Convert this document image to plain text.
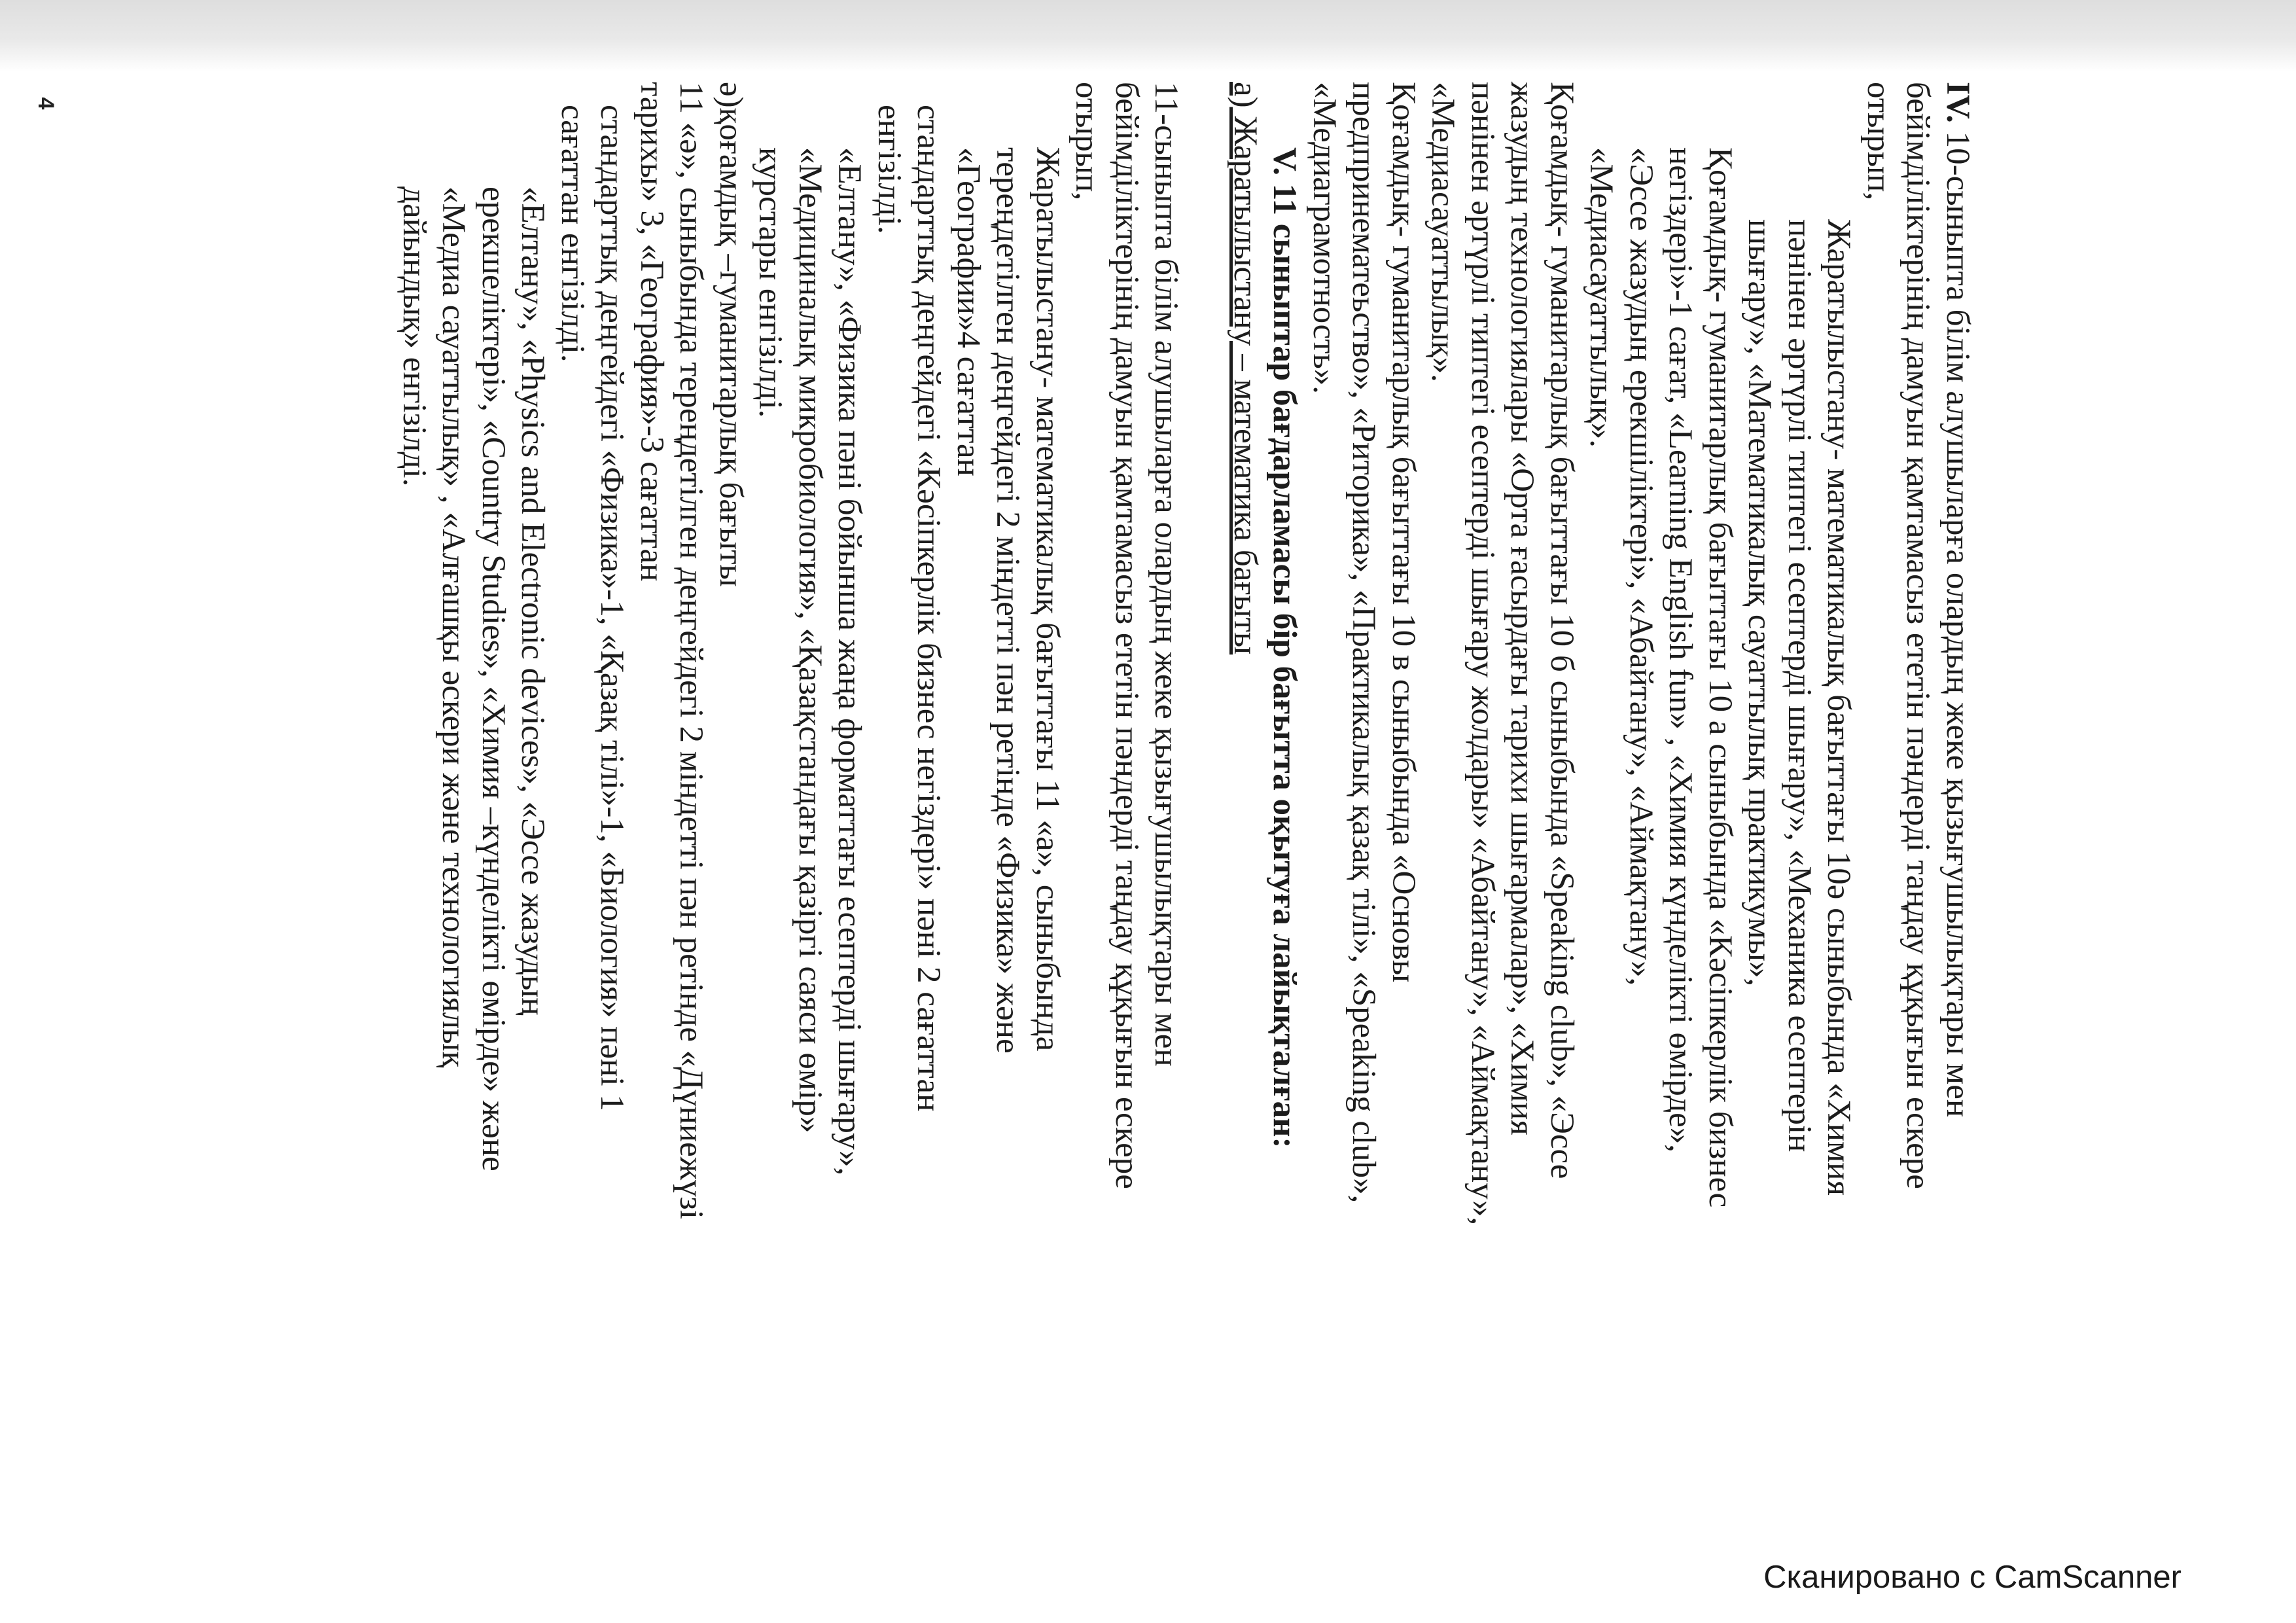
4	IV. 10-сыныпта білім алушыларға олардың жеке қызығушылықтары мен бейімділіктерінің дамуын қамтамасыз ететін пәндерді таңдау құқығын ескере отырып,

Жаратылыстану- математикалық бағыттағы 10ә сыныбында «Химия пәнінен әртүрлі типтегі есептерді шығару», «Механика есептерін шығару», «Математикалық сауаттылық практикумы»,

Қоғамдық- гуманитарлық бағыттағы 10 а сыныбында «Кәсіпкерлік бизнес негіздері»-1 сағат, «Learning English fun» , «Химия күнделікті өмірде», «Эссе жазудың ерекшіліктері», «Абайтану», «Аймақтану», «Медиасауаттылық».

Қоғамдық- гуманитарлық бағыттағы 10 б сыныбында «Speaking club», «Эссе жазудың технологиялары «Орта ғасырдағы тарихи шығармалар», «Химия пәнінен әртүрлі типтегі есептерді шығару жолдары» «Абайтану», «Аймақтану», «Медиасауаттылық».

Қоғамдық- гуманитарлық бағыттағы 10 в сыныбында «Основы предпринематеьство», «Риторика», «Практикалық қазақ тілі», «Speaking club», «Медиаграмотность».

V. 11 сыныптар бағдарламасы бір бағытта оқытуға лайықталған:

а) Жаратылыстану – математика бағыты

11-сыныпта білім алушыларға олардың жеке қызығушылықтары мен бейімділіктерінің дамуын қамтамасыз ететін пәндерді таңдау құқығын ескере отырып,

Жаратылыстану- математикалық бағыттағы 11 «а», сыныбында тереңдетілген деңгейдегі 2 міндетті пән ретінде «Физика» және «Географии»4 сағаттан

стандарттық деңгейдегі «Кәсіпкерлік бизнес негіздері» пәні 2 сағаттан енгізілді.

«Елтану», «Физика пәні бойынша жаңа форматтағы есептерді шығару», «Медициналық микробиология», «Қазақстандағы қазіргі саяси өмір» курстары енгізілді.

ә)қоғамдық –гуманитарлық бағыты

11 «ә», сыныбында тереңдетілген деңгейдегі 2 міндетті пән ретінде «Дүниежүзі тарихы» 3, «География»-3 сағаттан

стандарттық деңгейдегі «Физика»-1, «Қазақ тілі»-1, «Биология» пәні 1 сағаттан енгізілді.

«Елтану», «Physics and Electronic devices», «Эссе жазудың ерекшеліктері», «Country Studies», «Химия –күнделікті өмірде» және «Медиа сауаттылық» , «Алғашқы әскери және технологиялық дайындық» енгізілді.

Сканировано с CamScanner
